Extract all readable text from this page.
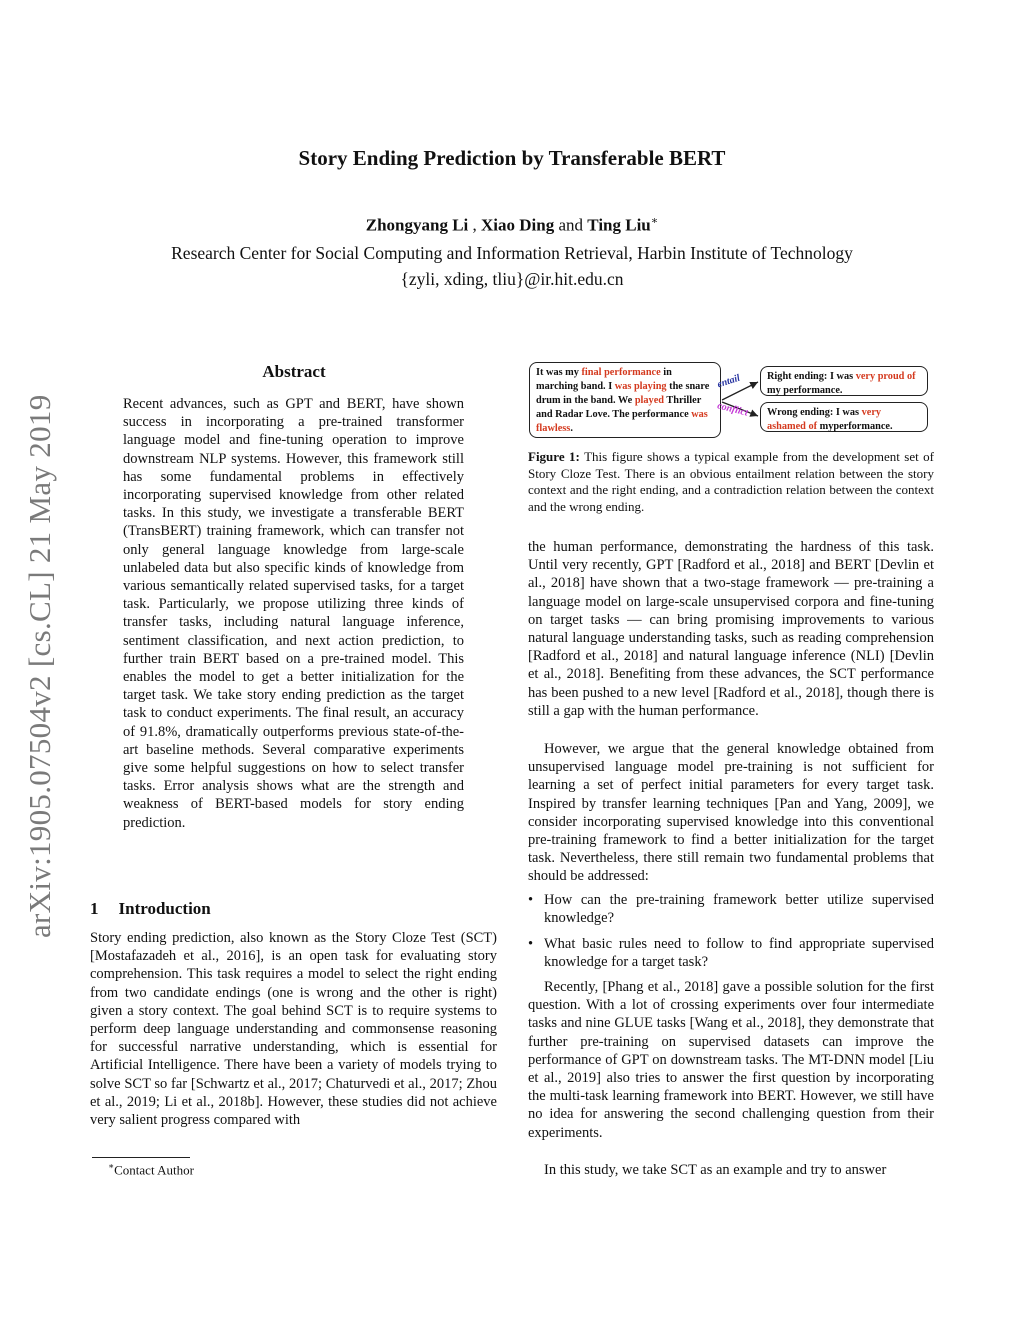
arXiv:1905.07504v2 [cs.CL] 21 May 2019
Story Ending Prediction by Transferable BERT
Zhongyang Li , Xiao Ding and Ting Liu∗
Research Center for Social Computing and Information Retrieval, Harbin Institute of Technology
{zyli, xding, tliu}@ir.hit.edu.cn
Abstract

Recent advances, such as GPT and BERT, have shown success in incorporating a pre-trained transformer language model and fine-tuning operation to improve downstream NLP systems. However, this framework still has some fundamental problems in effectively incorporating supervised knowledge from other related tasks. In this study, we investigate a transferable BERT (TransBERT) training framework, which can transfer not only general language knowledge from large-scale unlabeled data but also specific kinds of knowledge from various semantically related supervised tasks, for a target task. Particularly, we propose utilizing three kinds of transfer tasks, including natural language inference, sentiment classification, and next action prediction, to further train BERT based on a pre-trained model. This enables the model to get a better initialization for the target task. We take story ending prediction as the target task to conduct experiments. The final result, an accuracy of 91.8%, dramatically outperforms previous state-of-the-art baseline methods. Several comparative experiments give some helpful suggestions on how to select transfer tasks. Error analysis shows what are the strength and weakness of BERT-based models for story ending prediction.

1 Introduction

Story ending prediction, also known as the Story Cloze Test (SCT) [Mostafazadeh et al., 2016], is an open task for evaluating story comprehension. This task requires a model to select the right ending from two candidate endings (one is wrong and the other is right) given a story context. The goal behind SCT is to require systems to perform deep language understanding and commonsense reasoning for successful narrative understanding, which is essential for Artificial Intelligence. There have been a variety of models trying to solve SCT so far [Schwartz et al., 2017; Chaturvedi et al., 2017; Zhou et al., 2019; Li et al., 2018b]. However, these studies did not achieve very salient progress compared with

∗Contact Author
It was my final performance in marching band. I was playing the snare drum in the band. We played Thriller and Radar Love. The performance was flawless.
entail
conflict
Right ending: I was very proud of my performance.
Wrong ending: I was very ashamed of myperformance.

Figure 1: This figure shows a typical example from the development set of Story Cloze Test. There is an obvious entailment relation between the story context and the right ending, and a contradiction relation between the context and the wrong ending.

the human performance, demonstrating the hardness of this task. Until very recently, GPT [Radford et al., 2018] and BERT [Devlin et al., 2018] have shown that a two-stage framework — pre-training a language model on large-scale unsupervised corpora and fine-tuning on target tasks — can bring promising improvements to various natural language understanding tasks, such as reading comprehension [Radford et al., 2018] and natural language inference (NLI) [Devlin et al., 2018]. Benefiting from these advances, the SCT performance has been pushed to a new level [Radford et al., 2018], though there is still a gap with the human performance.

However, we argue that the general knowledge obtained from unsupervised language model pre-training is not sufficient for learning a set of perfect initial parameters for every target task. Inspired by transfer learning techniques [Pan and Yang, 2009], we consider incorporating supervised knowledge into this conventional pre-training framework to find a better initialization for the target task. Nevertheless, there still remain two fundamental problems that should be addressed:

• How can the pre-training framework better utilize supervised knowledge?
• What basic rules need to follow to find appropriate supervised knowledge for a target task?

Recently, [Phang et al., 2018] gave a possible solution for the first question. With a lot of crossing experiments over four intermediate tasks and nine GLUE tasks [Wang et al., 2018], they demonstrate that further pre-training on supervised datasets can improve the performance of GPT on downstream tasks. The MT-DNN model [Liu et al., 2019] also tries to answer the first question by incorporating the multi-task learning framework into BERT. However, we still have no idea for answering the second challenging question from their experiments.

In this study, we take SCT as an example and try to answer
